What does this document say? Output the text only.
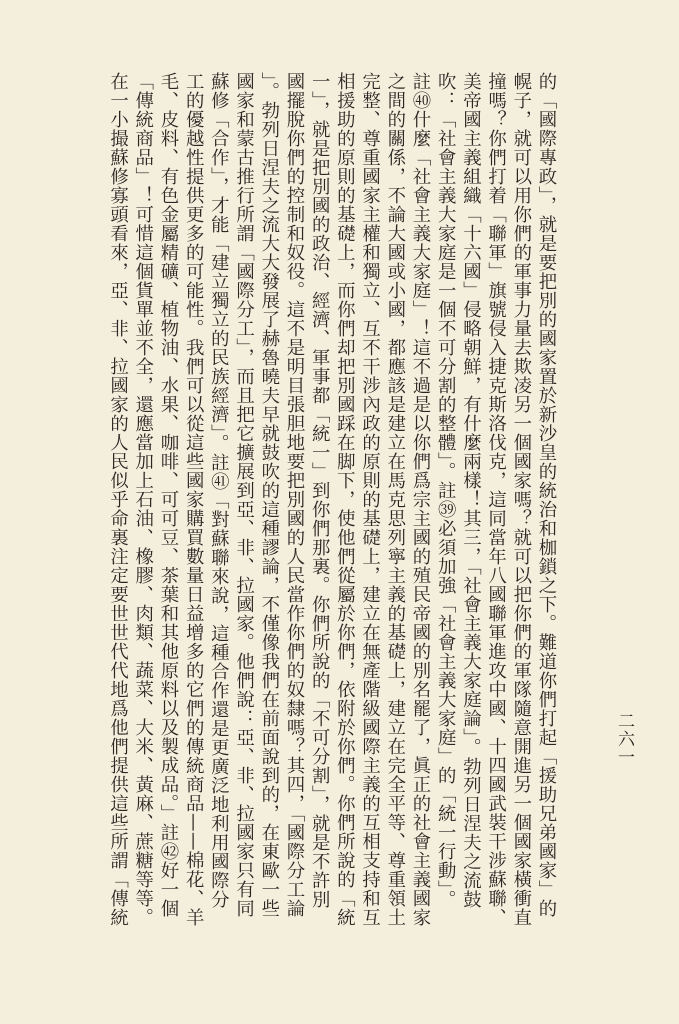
的「國際專政」，就是要把別的國家置於新沙皇的統治和枷鎖之下。難道你們打起「援助兄弟國家」的
幌子，就可以用你們的軍事力量去欺凌另一個國家嗎？就可以把你們的軍隊隨意開進另一個國家橫衝直
撞嗎？你們打着「聯軍」旗號侵入捷克斯洛伐克，這同當年八國聯軍進攻中國、十四國武裝干涉蘇聯、
美帝國主義組織「十六國」侵略朝鮮，有什麼兩樣！其三，「社會主義大家庭論」。勃列日涅夫之流鼓
吹：「社會主義大家庭是一個不可分割的整體」。註㊴必須加強「社會主義大家庭」的「統一行動」。
註㊵什麼「社會主義大家庭」！這不過是以你們爲宗主國的殖民帝國的別名罷了，眞正的社會主義國家
之間的關係，不論大國或小國，都應該是建立在馬克思列寧主義的基礎上，建立在完全平等、尊重領土
完整、尊重國家主權和獨立、互不干涉內政的原則的基礎上，建立在無產階級國際主義的互相支持和互
相援助的原則的基礎上，而你們却把別國踩在脚下，使他們從屬於你們，依附於你們。你們所說的「統
一」，就是把別國的政治、經濟、軍事都「統一」到你們那裏。你們所說的「不可分割」，就是不許別
國擺脫你們的控制和奴役。這不是明目張胆地要把別國的人民當作你們的奴隸嗎？其四，「國際分工論
」。勃列日涅夫之流大大發展了赫魯曉夫早就鼓吹的這種謬論，不僅像我們在前面說到的，在東歐一些
國家和蒙古推行所謂「國際分工」，而且把它擴展到亞、非、拉國家。他們說：亞、非、拉國家只有同
蘇修「合作」，才能「建立獨立的民族經濟」。註㊶「對蘇聯來說，這種合作還是更廣泛地利用國際分
工的優越性提供更多的可能性。我們可以從這些國家購買數量日益增多的它們的傳統商品——棉花、羊
毛、皮料、有色金屬精礦、植物油、水果、咖啡、可可豆、茶葉和其他原料以及製成品。」註㊷好一個
「傳統商品」！可惜這個貨單並不全，還應當加上石油、橡膠、肉類、蔬菜、大米、黃麻、蔗糖等等。
在一小撮蘇修寡頭看來，亞、非、拉國家的人民似乎命裏注定要世世代代地爲他們提供這些所謂「傳統	二六一
